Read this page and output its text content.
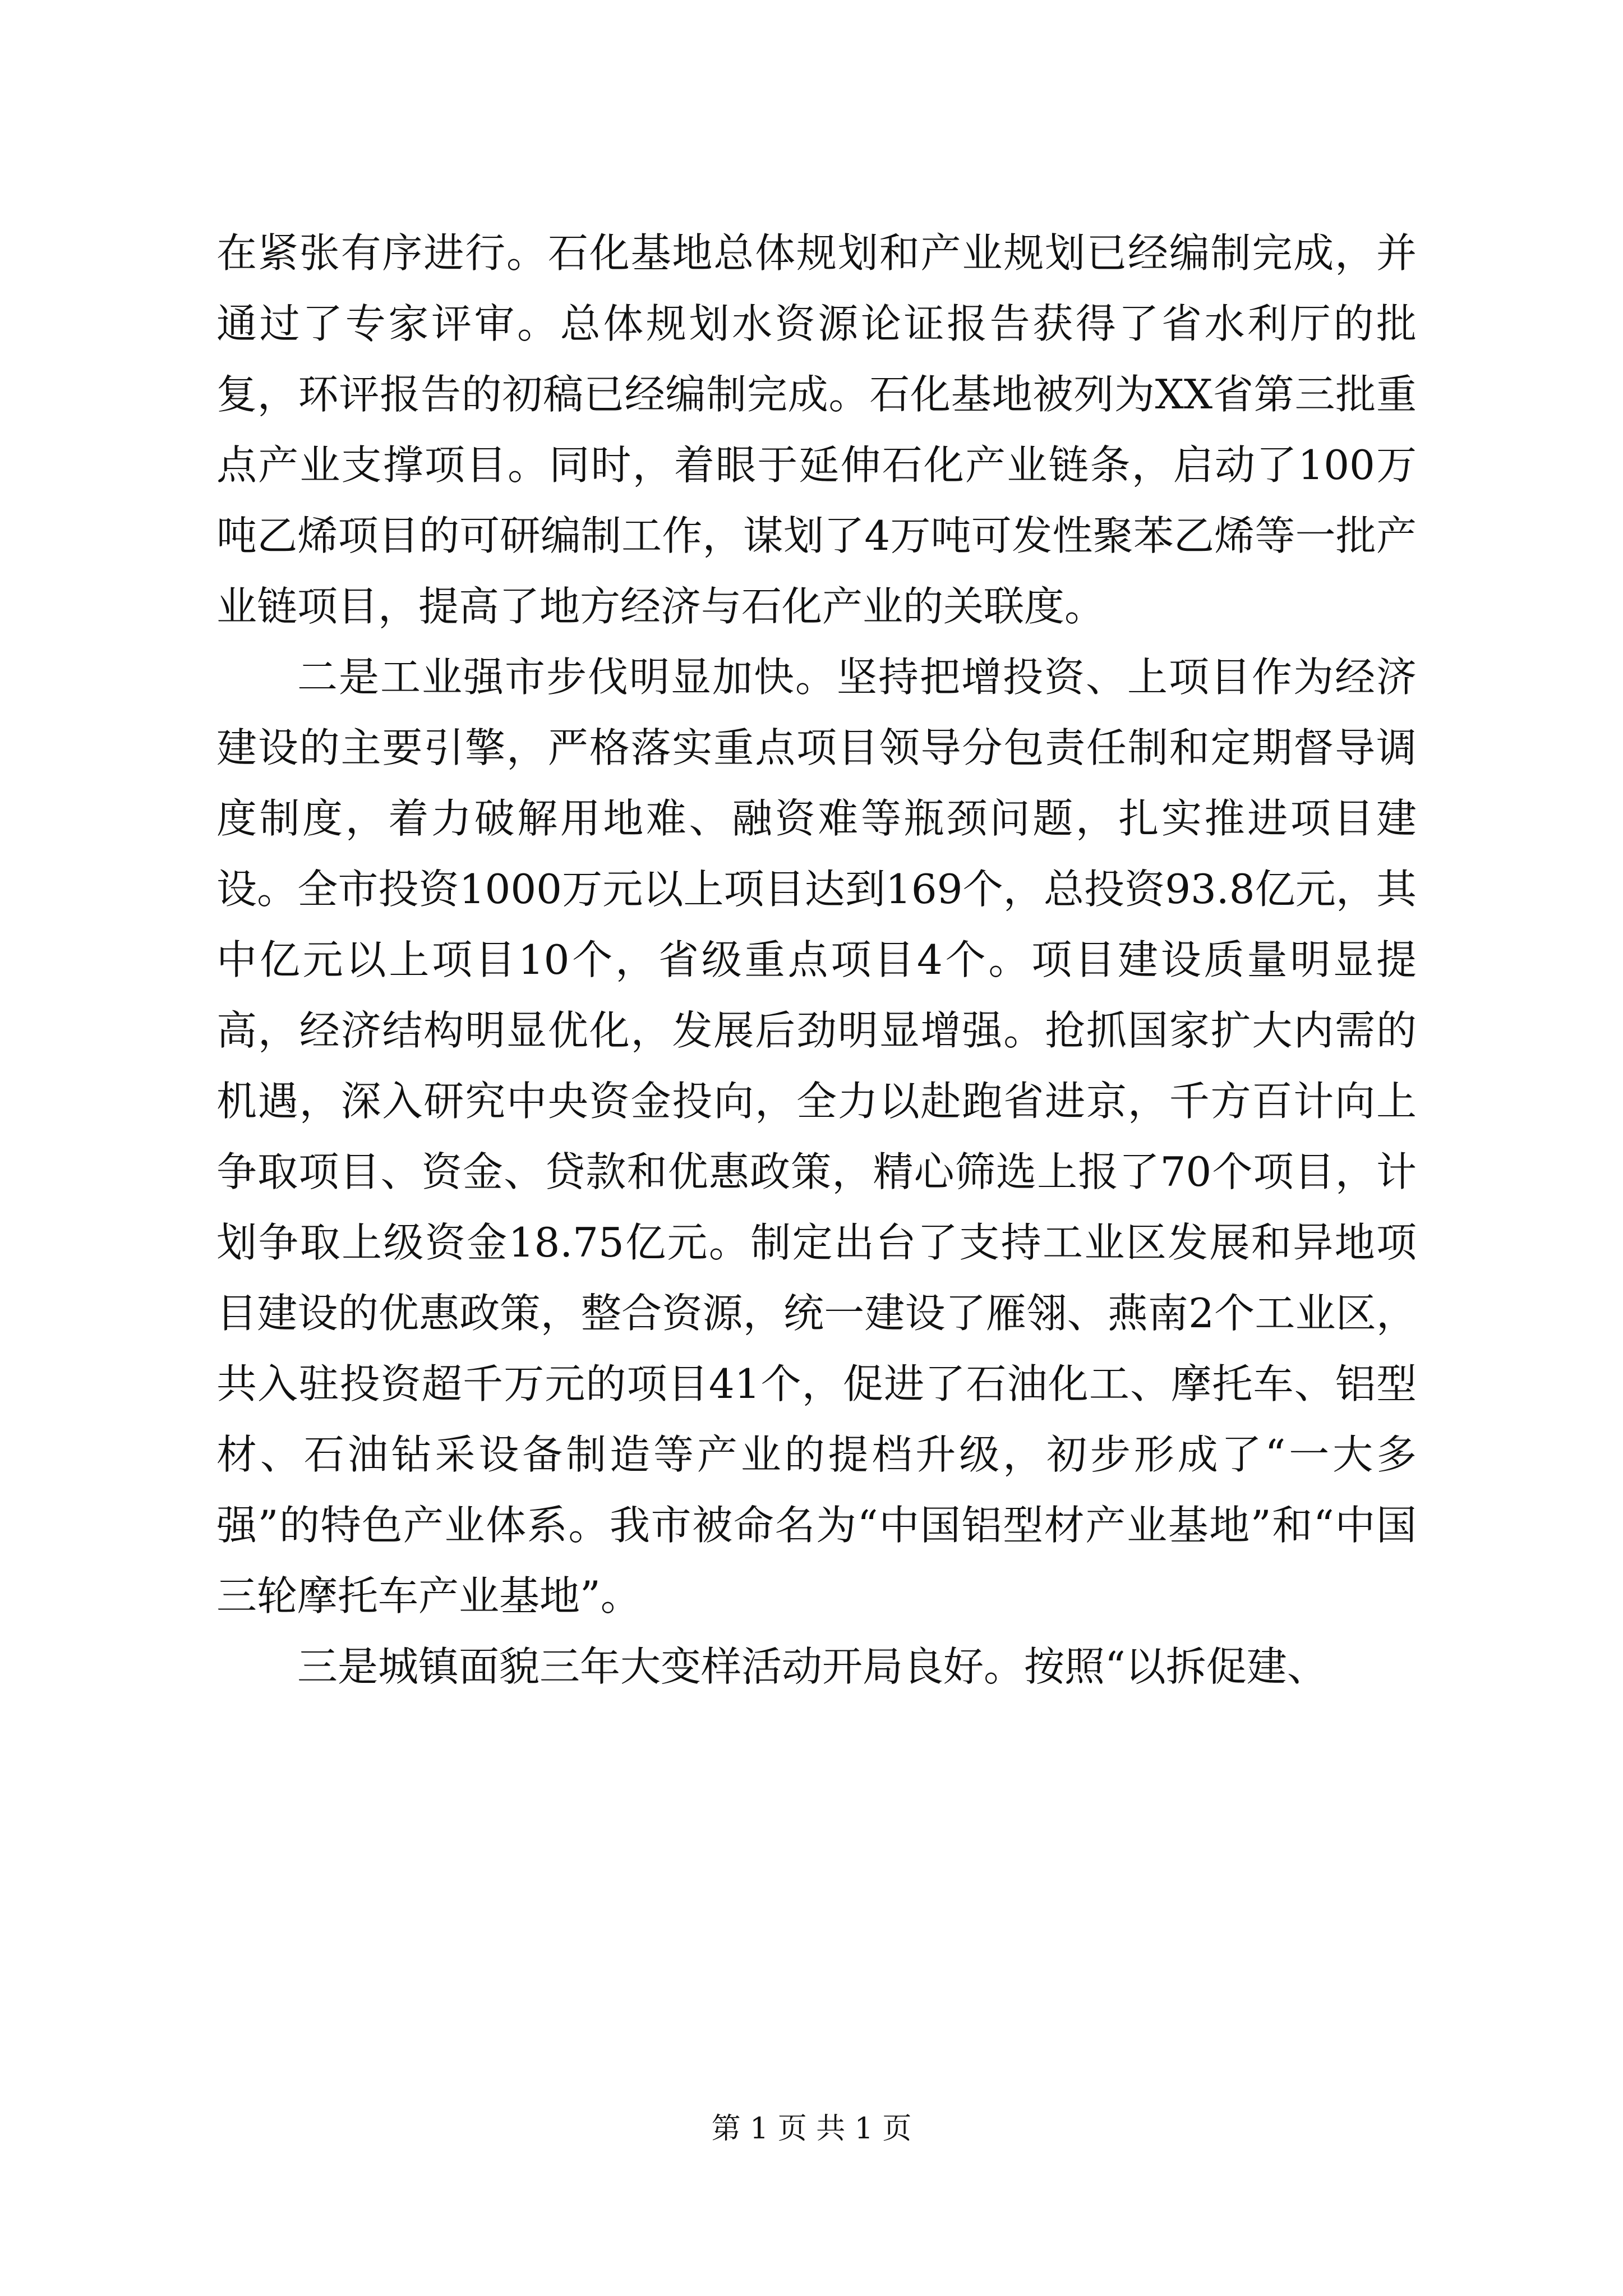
在紧张有序进行。石化基地总体规划和产业规划已经编制完成，并通过了专家评审。总体规划水资源论证报告获得了省水利厅的批复，环评报告的初稿已经编制完成。石化基地被列为XX省第三批重点产业支撑项目。同时，着眼于延伸石化产业链条，启动了100万吨乙烯项目的可研编制工作，谋划了4万吨可发性聚苯乙烯等一批产业链项目，提高了地方经济与石化产业的关联度。

二是工业强市步伐明显加快。坚持把增投资、上项目作为经济建设的主要引擎，严格落实重点项目领导分包责任制和定期督导调度制度，着力破解用地难、融资难等瓶颈问题，扎实推进项目建设。全市投资1000万元以上项目达到169个，总投资93.8亿元，其中亿元以上项目10个，省级重点项目4个。项目建设质量明显提高，经济结构明显优化，发展后劲明显增强。抢抓国家扩大内需的机遇，深入研究中央资金投向，全力以赴跑省进京，千方百计向上争取项目、资金、贷款和优惠政策，精心筛选上报了70个项目，计划争取上级资金18.75亿元。制定出台了支持工业区发展和异地项目建设的优惠政策，整合资源，统一建设了雁翎、燕南2个工业区，共入驻投资超千万元的项目41个，促进了石油化工、摩托车、铝型材、石油钻采设备制造等产业的提档升级，初步形成了“一大多强”的特色产业体系。我市被命名为“中国铝型材产业基地”和“中国三轮摩托车产业基地”。

三是城镇面貌三年大变样活动开局良好。按照“以拆促建、

第 1 页 共 1 页
